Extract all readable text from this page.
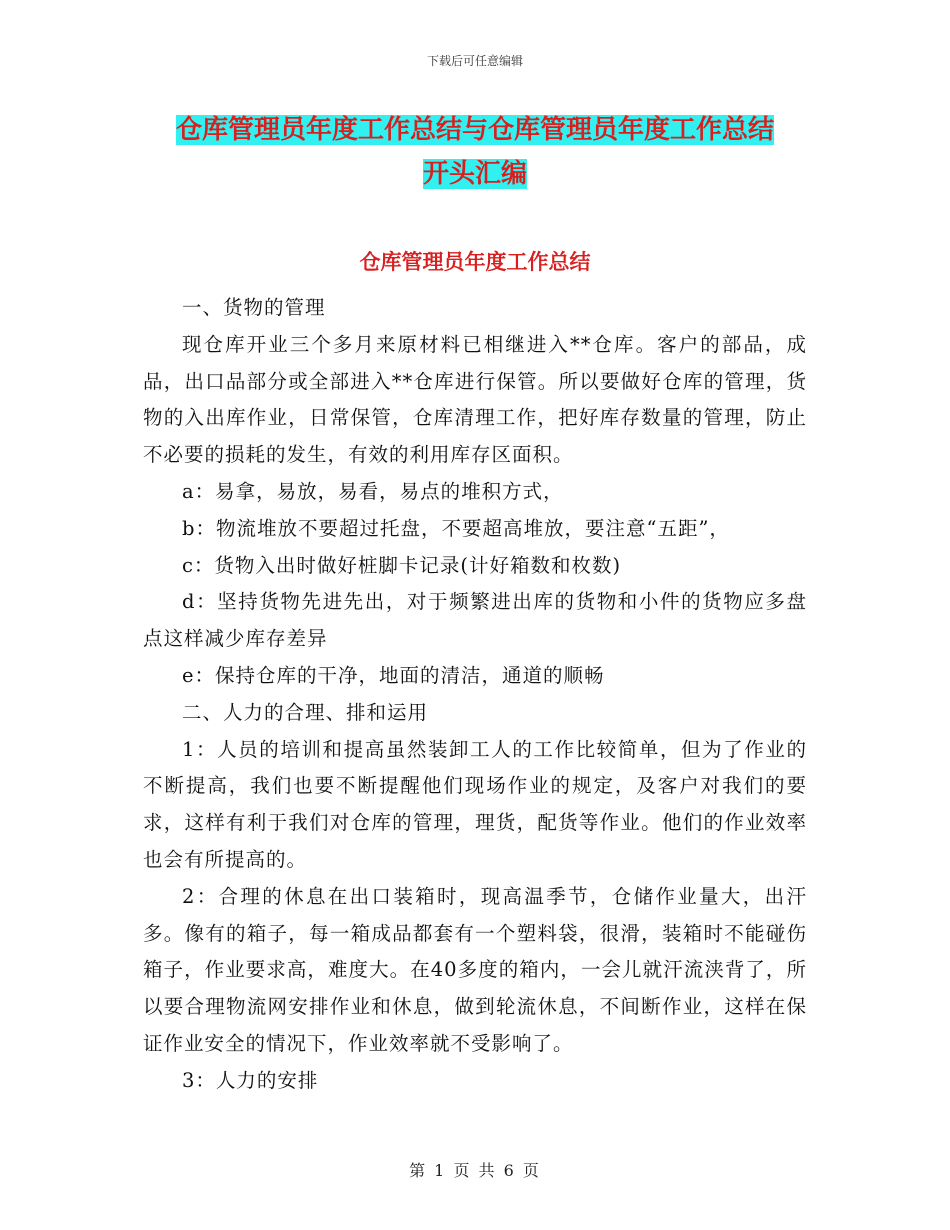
下载后可任意编辑
仓库管理员年度工作总结与仓库管理员年度工作总结
开头汇编
仓库管理员年度工作总结

一、货物的管理

现仓库开业三个多月来原材料已相继进入**仓库。客户的部品，成品，出口品部分或全部进入**仓库进行保管。所以要做好仓库的管理，货物的入出库作业，日常保管，仓库清理工作，把好库存数量的管理，防止不必要的损耗的发生，有效的利用库存区面积。

a：易拿，易放，易看，易点的堆积方式，

b：物流堆放不要超过托盘，不要超高堆放，要注意“五距”，

c：货物入出时做好桩脚卡记录(计好箱数和枚数)

d：坚持货物先进先出，对于频繁进出库的货物和小件的货物应多盘点这样减少库存差异

e：保持仓库的干净，地面的清洁，通道的顺畅

二、人力的合理、排和运用

1：人员的培训和提高虽然装卸工人的工作比较简单，但为了作业的不断提高，我们也要不断提醒他们现场作业的规定，及客户对我们的要求，这样有利于我们对仓库的管理，理货，配货等作业。他们的作业效率也会有所提高的。

2：合理的休息在出口装箱时，现高温季节，仓储作业量大，出汗多。像有的箱子，每一箱成品都套有一个塑料袋，很滑，装箱时不能碰伤箱子，作业要求高，难度大。在40多度的箱内，一会儿就汗流浃背了，所以要合理物流网安排作业和休息，做到轮流休息，不间断作业，这样在保证作业安全的情况下，作业效率就不受影响了。

3：人力的安排

第 1 页 共 6 页
